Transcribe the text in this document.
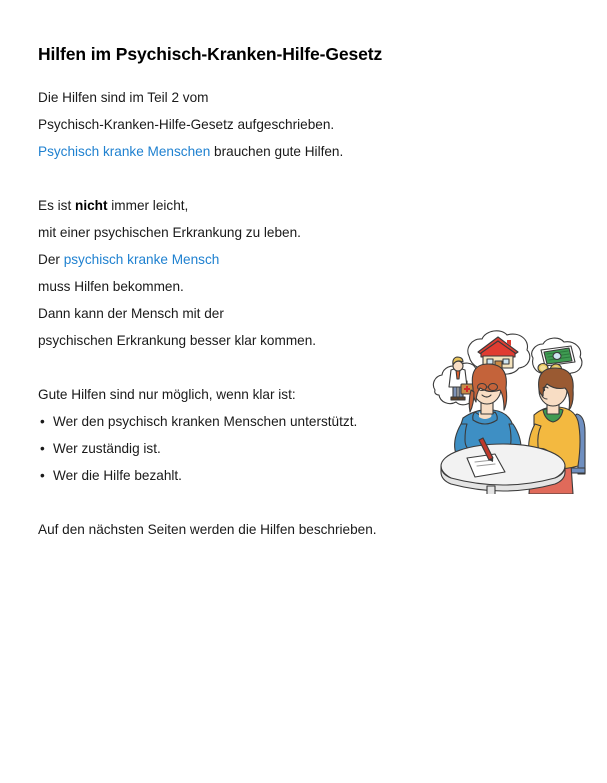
Hilfen im Psychisch-Kranken-Hilfe-Gesetz
Die Hilfen sind im Teil 2 vom
Psychisch-Kranken-Hilfe-Gesetz aufgeschrieben.
Psychisch kranke Menschen brauchen gute Hilfen.
Es ist nicht immer leicht,
mit einer psychischen Erkrankung zu leben.
Der psychisch kranke Mensch
muss Hilfen bekommen.
Dann kann der Mensch mit der
psychischen Erkrankung besser klar kommen.
Gute Hilfen sind nur möglich, wenn klar ist:
• Wer den psychisch kranken Menschen unterstützt.
• Wer zuständig ist.
• Wer die Hilfe bezahlt.
Auf den nächsten Seiten werden die Hilfen beschrieben.
